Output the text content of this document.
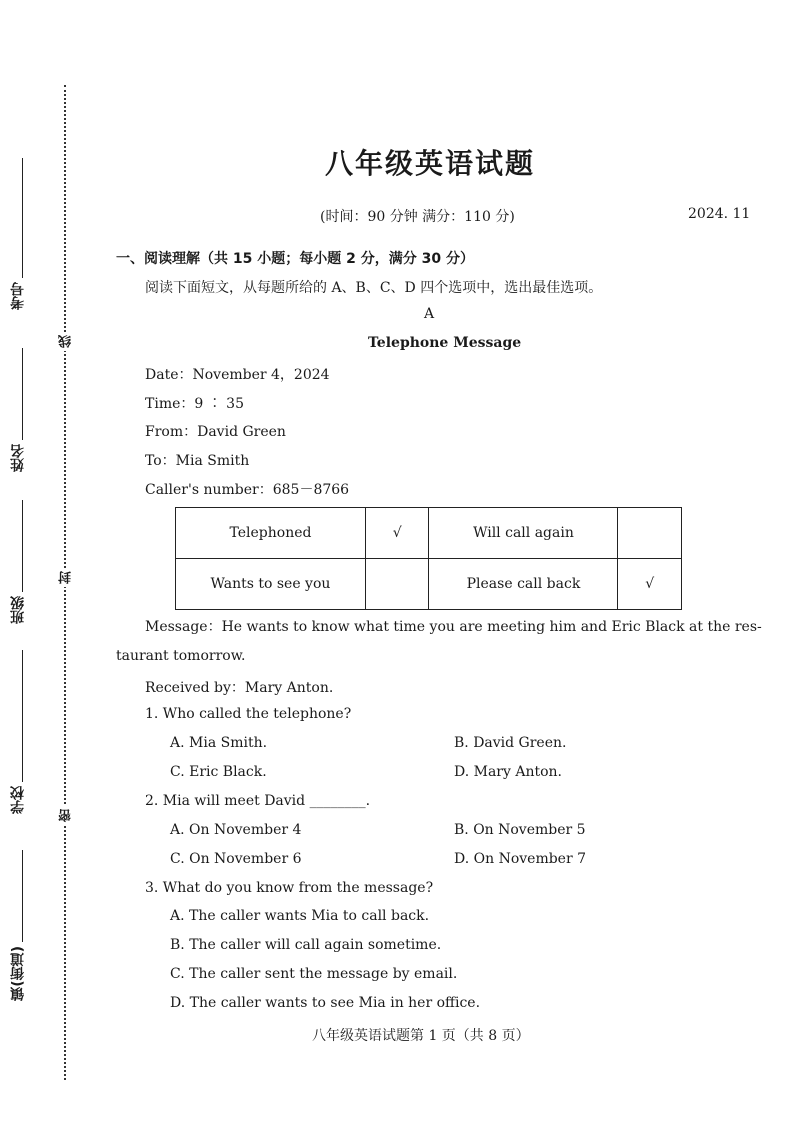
考号
姓名
班级
学校
镇(街道)
线
封
密
八年级英语试题
(时间：90 分钟 满分：110 分)	2024. 11
一、阅读理解（共 15 小题；每小题 2 分，满分 30 分）
阅读下面短文，从每题所给的 A、B、C、D 四个选项中，选出最佳选项。
A
Telephone Message
Date：November 4，2024
Time：9 ∶ 35
From：David Green
To：Mia Smith
Caller's number：685－8766
Telephoned	√	Will call again	
Wants to see you		Please call back	√
Message：He wants to know what time you are meeting him and Eric Black at the res-
taurant tomorrow.
Received by：Mary Anton.
1. Who called the telephone?
A. Mia Smith.	B. David Green.
C. Eric Black.	D. Mary Anton.
2. Mia will meet David ________.
A. On November 4	B. On November 5
C. On November 6	D. On November 7
3. What do you know from the message?
A. The caller wants Mia to call back.
B. The caller will call again sometime.
C. The caller sent the message by email.
D. The caller wants to see Mia in her office.
八年级英语试题第 1 页（共 8 页）
